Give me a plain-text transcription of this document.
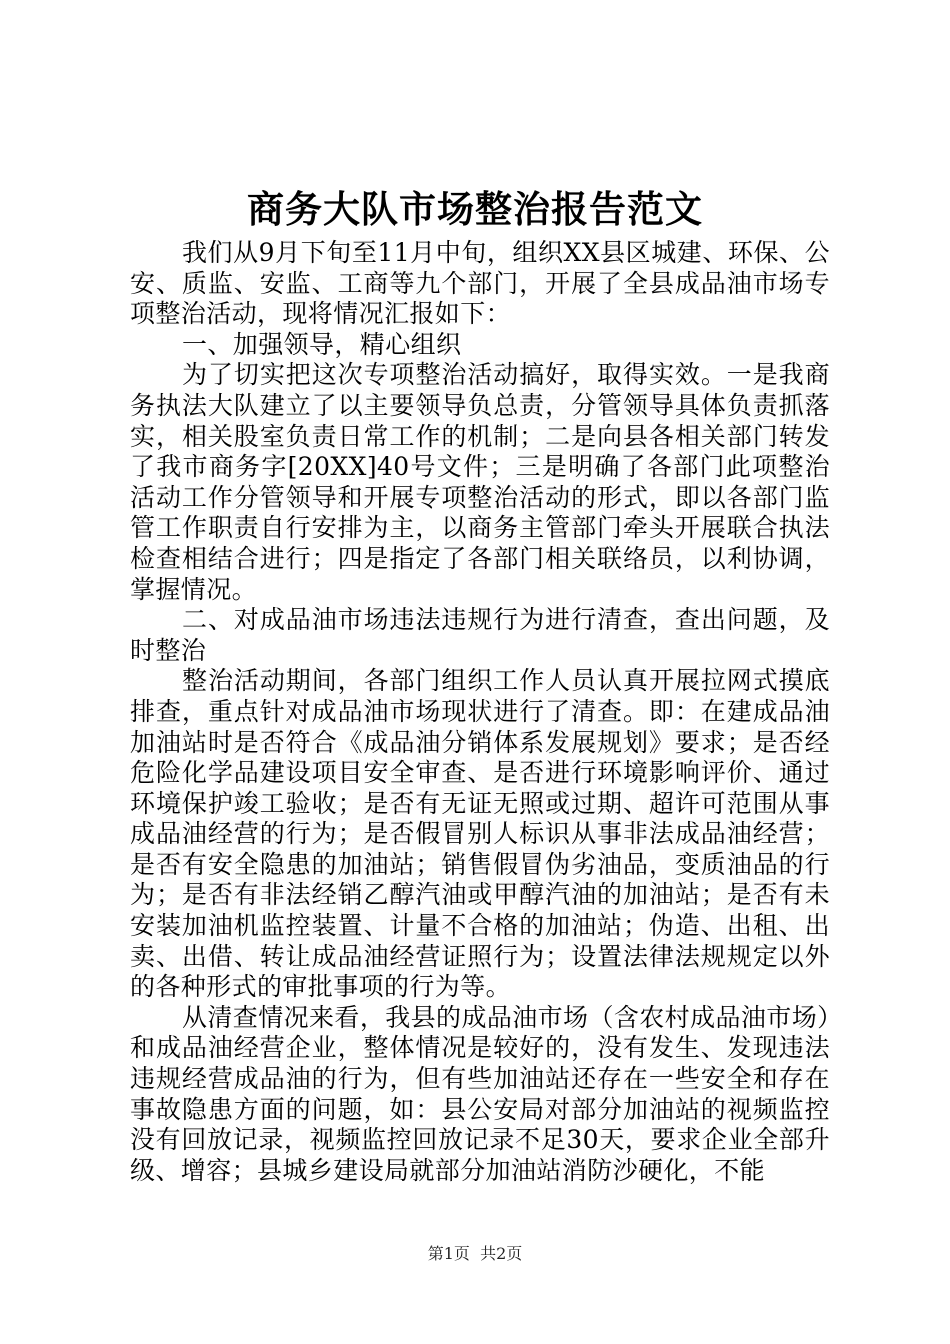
商务大队市场整治报告范文

我们从9月下旬至11月中旬，组织XX县区城建、环保、公安、质监、安监、工商等九个部门，开展了全县成品油市场专项整治活动，现将情况汇报如下：

一、加强领导，精心组织

为了切实把这次专项整治活动搞好，取得实效。一是我商务执法大队建立了以主要领导负总责，分管领导具体负责抓落实，相关股室负责日常工作的机制；二是向县各相关部门转发了我市商务字[20XX]40号文件；三是明确了各部门此项整治活动工作分管领导和开展专项整治活动的形式，即以各部门监管工作职责自行安排为主，以商务主管部门牵头开展联合执法检查相结合进行；四是指定了各部门相关联络员，以利协调，掌握情况。

二、对成品油市场违法违规行为进行清查，查出问题，及时整治

整治活动期间，各部门组织工作人员认真开展拉网式摸底排查，重点针对成品油市场现状进行了清查。即：在建成品油加油站时是否符合《成品油分销体系发展规划》要求；是否经危险化学品建设项目安全审查、是否进行环境影响评价、通过环境保护竣工验收；是否有无证无照或过期、超许可范围从事成品油经营的行为；是否假冒别人标识从事非法成品油经营；是否有安全隐患的加油站；销售假冒伪劣油品，变质油品的行为；是否有非法经销乙醇汽油或甲醇汽油的加油站；是否有未安装加油机监控装置、计量不合格的加油站；伪造、出租、出卖、出借、转让成品油经营证照行为；设置法律法规规定以外的各种形式的审批事项的行为等。

从清查情况来看，我县的成品油市场（含农村成品油市场）和成品油经营企业，整体情况是较好的，没有发生、发现违法违规经营成品油的行为，但有些加油站还存在一些安全和存在事故隐患方面的问题，如：县公安局对部分加油站的视频监控没有回放记录，视频监控回放记录不足30天，要求企业全部升级、增容；县城乡建设局就部分加油站消防沙硬化，不能

第1页 共2页
